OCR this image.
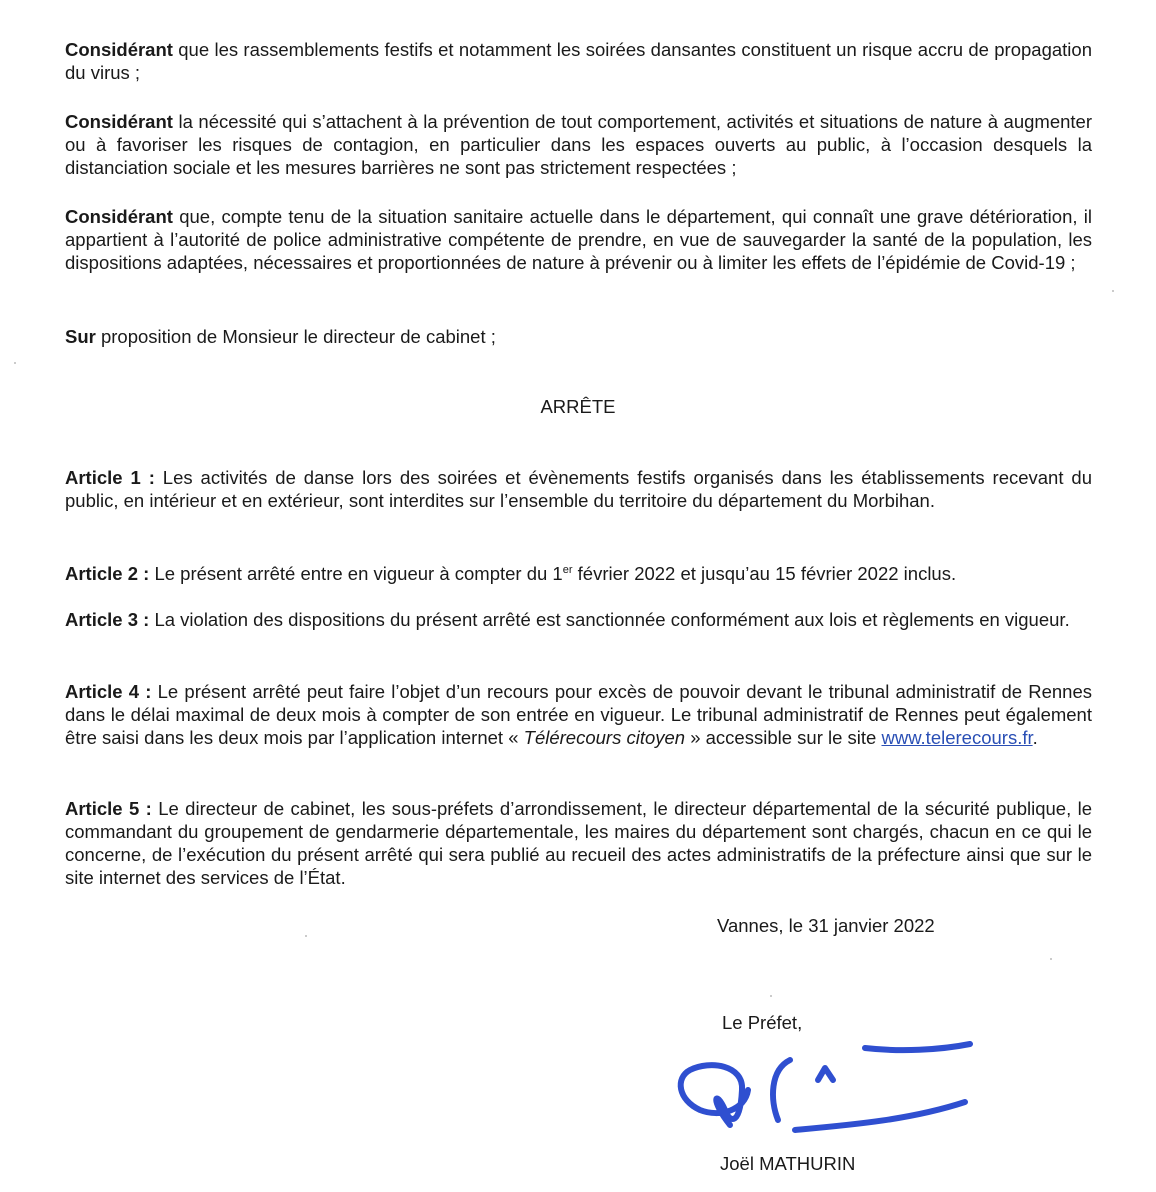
Considérant que les rassemblements festifs et notamment les soirées dansantes constituent un risque accru de propagation du virus ;

Considérant la nécessité qui s’attachent à la prévention de tout comportement, activités et situations de nature à augmenter ou à favoriser les risques de contagion, en particulier dans les espaces ouverts au public, à l’occasion desquels la distanciation sociale et les mesures barrières ne sont pas strictement respectées ;

Considérant que, compte tenu de la situation sanitaire actuelle dans le département, qui connaît une grave détérioration, il appartient à l’autorité de police administrative compétente de prendre, en vue de sauvegarder la santé de la population, les dispositions adaptées, nécessaires et proportionnées de nature à prévenir ou à limiter les effets de l’épidémie de Covid-19 ;

Sur proposition de Monsieur le directeur de cabinet ;

ARRÊTE

Article 1 : Les activités de danse lors des soirées et évènements festifs organisés dans les établissements recevant du public, en intérieur et en extérieur, sont interdites sur l’ensemble du territoire du département du Morbihan.

Article 2 : Le présent arrêté entre en vigueur à compter du 1er février 2022 et jusqu’au 15 février 2022 inclus.

Article 3 : La violation des dispositions du présent arrêté est sanctionnée conformément aux lois et règlements en vigueur.

Article 4 : Le présent arrêté peut faire l’objet d’un recours pour excès de pouvoir devant le tribunal administratif de Rennes dans le délai maximal de deux mois à compter de son entrée en vigueur. Le tribunal administratif de Rennes peut également être saisi dans les deux mois par l’application internet « Télérecours citoyen » accessible sur le site www.telerecours.fr.

Article 5 : Le directeur de cabinet, les sous-préfets d’arrondissement, le directeur départemental de la sécurité publique, le commandant du groupement de gendarmerie départementale, les maires du département sont chargés, chacun en ce qui le concerne, de l’exécution du présent arrêté qui sera publié au recueil des actes administratifs de la préfecture ainsi que sur le site internet des services de l’État.

Vannes, le 31 janvier 2022

Le Préfet,

Joël MATHURIN
